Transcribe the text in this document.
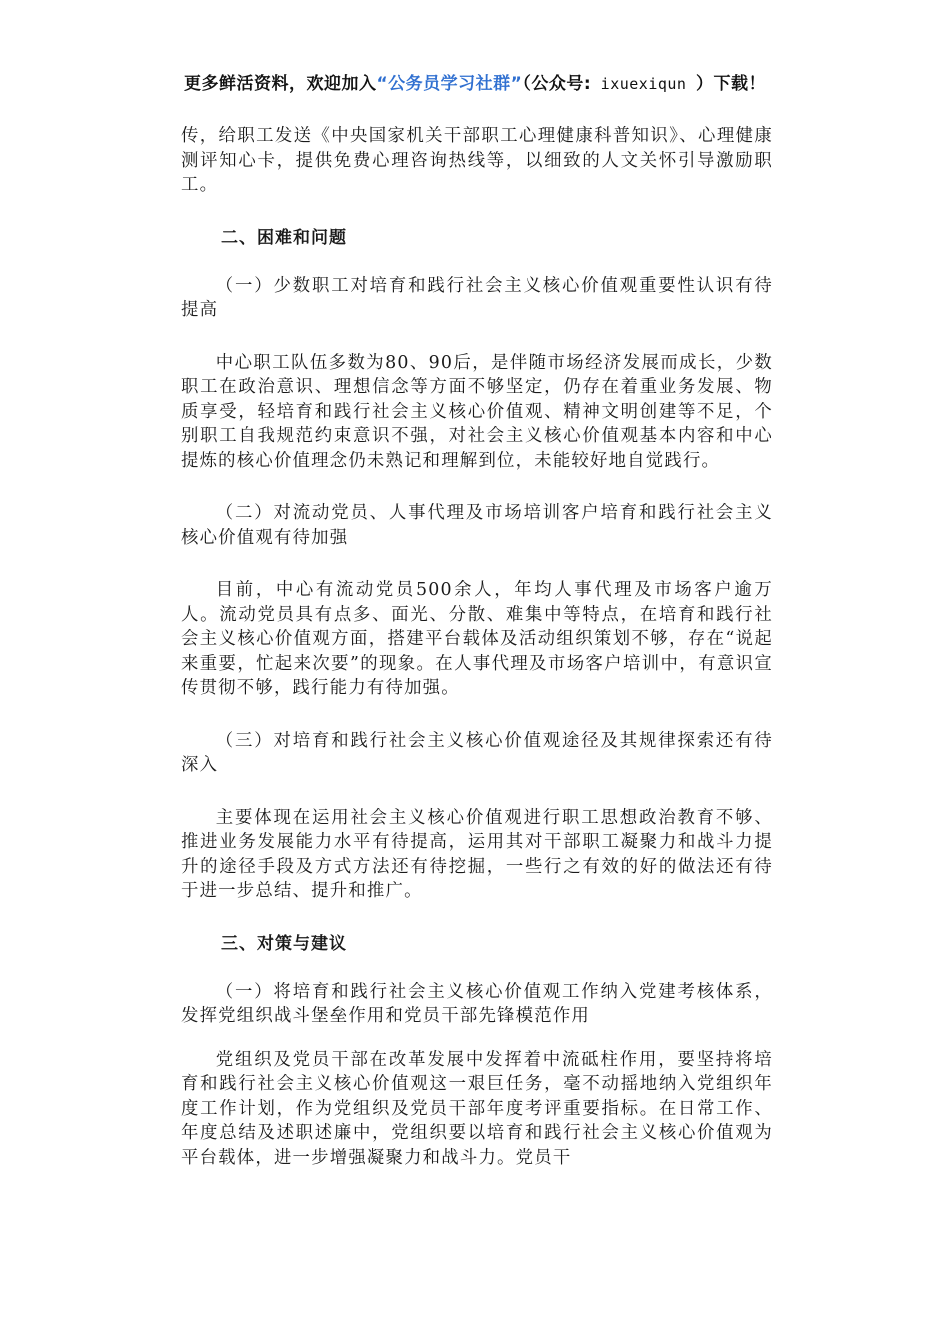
更多鲜活资料，欢迎加入“公务员学习社群”（公众号: ixuexiqun ）下载！

传，给职工发送《中央国家机关干部职工心理健康科普知识》、心理健康测评知心卡，提供免费心理咨询热线等，以细致的人文关怀引导激励职工。

二、困难和问题

（一）少数职工对培育和践行社会主义核心价值观重要性认识有待提高

中心职工队伍多数为80、90后，是伴随市场经济发展而成长，少数职工在政治意识、理想信念等方面不够坚定，仍存在着重业务发展、物质享受，轻培育和践行社会主义核心价值观、精神文明创建等不足，个别职工自我规范约束意识不强，对社会主义核心价值观基本内容和中心提炼的核心价值理念仍未熟记和理解到位，未能较好地自觉践行。

（二）对流动党员、人事代理及市场培训客户培育和践行社会主义核心价值观有待加强

目前，中心有流动党员500余人，年均人事代理及市场客户逾万人。流动党员具有点多、面光、分散、难集中等特点，在培育和践行社会主义核心价值观方面，搭建平台载体及活动组织策划不够，存在“说起来重要，忙起来次要”的现象。在人事代理及市场客户培训中，有意识宣传贯彻不够，践行能力有待加强。

（三）对培育和践行社会主义核心价值观途径及其规律探索还有待深入

主要体现在运用社会主义核心价值观进行职工思想政治教育不够、推进业务发展能力水平有待提高，运用其对干部职工凝聚力和战斗力提升的途径手段及方式方法还有待挖掘，一些行之有效的好的做法还有待于进一步总结、提升和推广。

三、对策与建议

（一）将培育和践行社会主义核心价值观工作纳入党建考核体系，发挥党组织战斗堡垒作用和党员干部先锋模范作用

党组织及党员干部在改革发展中发挥着中流砥柱作用，要坚持将培育和践行社会主义核心价值观这一艰巨任务，毫不动摇地纳入党组织年度工作计划，作为党组织及党员干部年度考评重要指标。在日常工作、年度总结及述职述廉中，党组织要以培育和践行社会主义核心价值观为平台载体，进一步增强凝聚力和战斗力。党员干
